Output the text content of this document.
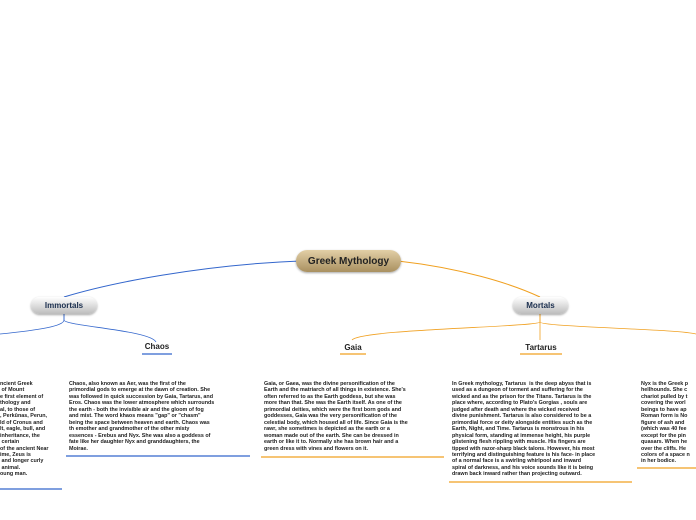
Greek Mythology
Immortals	Mortals
Chaos	Gaia	Tartarus
ncient Greek
of Mount
e first element of
thology and
al, to those of
, Perkūnas, Perun,
ld of Cronus and
lt, eagle, bull, and
inheritance, the
certain
of the ancient Near
ime, Zeus is
and longer curly
animal.
oung man.
Chaos, also known as Aer, was the first of the
primordial gods to emerge at the dawn of creation. She
was followed in quick succession by Gaia, Tartarus, and
Eros. Chaos was the lower atmosphere which surrounds
the earth - both the invisible air and the gloom of fog
and mist. The word khaos means "gap" or "chasm"
being the space between heaven and earth. Chaos was
th emother and grandmother of the other misty
essences - Erebus and Nyx. She was also a goddess of
fate like her daughter Nyx and granddaughters, the
Moirae.
Gaia, or Gaea, was the divine personification of the
Earth and the matriarch of all things in existence. She's
often referred to as the Earth goddess, but she was
more than that. She was the Earth itself. As one of the
primordial deities, which were the first born gods and
goddesses, Gaia was the very personification of the
celestial body, which housed all of life. Since Gaia is the
rawr, she sometimes is depicted as the earth or a
woman made out of the earth. She can be dressed in
earth or like it to. Normally she has brown hair and a
green dress with vines and flowers on it.
In Greek mythology, Tartarus  is the deep abyss that is
used as a dungeon of torment and suffering for the
wicked and as the prison for the Titans. Tartarus is the
place where, according to Plato's Gorgias , souls are
judged after death and where the wicked received
divine punishment. Tartarus is also considered to be a
primordial force or deity alongside entities such as the
Earth, Night, and Time. Tartarus is monstrous in his
physical form, standing at immense height, his purple
glistening flesh rippling with muscle. His fingers are
tipped with razor-sharp black talons. However, his most
terrifying and distinguishing feature is his face- in place
of a normal face is a swirling whirlpool and inward
spiral of darkness, and his voice sounds like it is being
drawn back inward rather than projecting outward.
Nyx is the Greek p
hellhounds. She c
chariot pulled by t
covering the worl
beings to have ap
Roman form is No
figure of ash and
(which was 40 fee
except for the pin
quasars. When he
over the cliffs. He
colors of a space n
in her bodice.
